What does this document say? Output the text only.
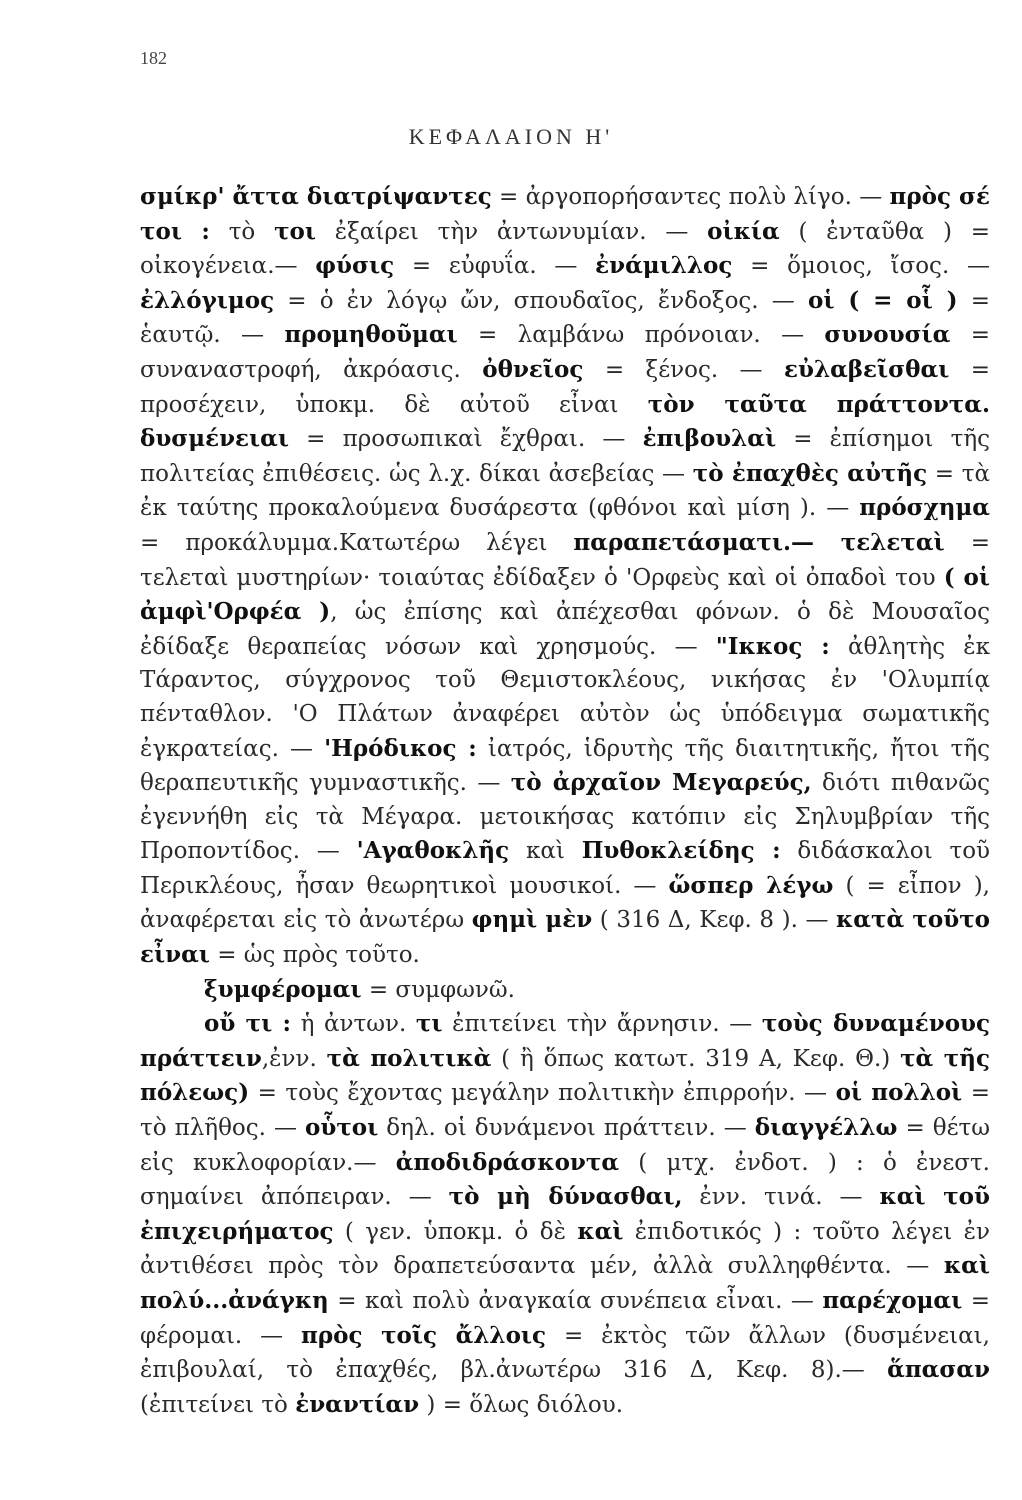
182
ΚΕΦΑΛΑΙΟΝ Η'

σμίκρ' ἄττα διατρίψαντες = ἀργοπορήσαντες πολὺ λίγο. — πρὸς σέ τοι : τὸ τοι ἐξαίρει τὴν ἀντωνυμίαν. — οἰκία ( ἐνταῦθα ) = οἰκογένεια.— φύσις = εὐφυΐα. — ἐνάμιλλος = ὅμοιος, ἴσος. — ἐλλόγιμος = ὁ ἐν λόγῳ ὤν, σπουδαῖος, ἔνδοξος. — οἱ ( = οἷ ) = ἑαυτῷ. — προμηθοῦμαι = λαμβάνω πρόνοιαν. — συνουσία = συναναστροφή, ἀκρόασις. ὀθνεῖος = ξένος. — εὐλαβεῖσθαι = προσέχειν, ὑποκμ. δὲ αὐτοῦ εἶναι τὸν ταῦτα πράττοντα. δυσμένειαι = προσωπικαὶ ἔχθραι. — ἐπιβουλαὶ = ἐπίσημοι τῆς πολιτείας ἐπιθέσεις. ὡς λ.χ. δίκαι ἀσεβείας — τὸ ἐπαχθὲς αὐτῆς = τὰ ἐκ ταύτης προκαλούμενα δυσάρεστα (φθόνοι καὶ μίση ). — πρόσχημα = προκάλυμμα.Κατωτέρω λέγει παραπετάσματι.— τελεταὶ = τελεταὶ μυστηρίων· τοιαύτας ἐδίδαξεν ὁ 'Ορφεὺς καὶ οἱ ὀπαδοὶ του ( οἱ ἀμφὶ'Ορφέα ), ὡς ἐπίσης καὶ ἀπέχεσθαι φόνων. ὁ δὲ Μουσαῖος ἐδίδαξε θεραπείας νόσων καὶ χρησμούς. — "Ικκος : ἀθλητὴς ἐκ Τάραντος, σύγχρονος τοῦ Θεμιστοκλέους, νικήσας ἐν 'Ολυμπίᾳ πένταθλον. 'Ο Πλάτων ἀναφέρει αὐτὸν ὡς ὑπόδειγμα σωματικῆς ἐγκρατείας. — 'Ηρόδικος : ἰατρός, ἱδρυτὴς τῆς διαιτητικῆς, ἤτοι τῆς θεραπευτικῆς γυμναστικῆς. — τὸ ἀρχαῖον Μεγαρεύς, διότι πιθανῶς ἐγεννήθη εἰς τὰ Μέγαρα. μετοικήσας κατόπιν εἰς Σηλυμβρίαν τῆς Προποντίδος. — 'Αγαθοκλῆς καὶ Πυθοκλείδης : διδάσκαλοι τοῦ Περικλέους, ἦσαν θεωρητικοὶ μουσικοί. — ὥσπερ λέγω ( = εἶπον ), ἀναφέρεται εἰς τὸ ἀνωτέρω φημὶ μὲν ( 316 Δ, Κεφ. 8 ). — κατὰ τοῦτο εἶναι = ὡς πρὸς τοῦτο.

ξυμφέρομαι = συμφωνῶ.

οὔ τι : ἡ ἀντων. τι ἐπιτείνει τὴν ἄρνησιν. — τοὺς δυναμένους πράττειν,ἐνν. τὰ πολιτικὰ ( ἢ ὅπως κατωτ. 319 Α, Κεφ. Θ.) τὰ τῆς πόλεως) = τοὺς ἔχοντας μεγάλην πολιτικὴν ἐπιρροήν. — οἱ πολλοὶ = τὸ πλῆθος. — οὗτοι δηλ. οἱ δυνάμενοι πράττειν. — διαγγέλλω = θέτω εἰς κυκλοφορίαν.— ἀποδιδράσκοντα ( μτχ. ἐνδοτ. ) : ὁ ἐνεστ. σημαίνει ἀπόπειραν. — τὸ μὴ δύνασθαι, ἐνν. τινά. — καὶ τοῦ ἐπιχειρήματος ( γεν. ὑποκμ. ὁ δὲ καὶ ἐπιδοτικός ) : τοῦτο λέγει ἐν ἀντιθέσει πρὸς τὸν δραπετεύσαντα μέν, ἀλλὰ συλληφθέντα. — καὶ πολύ...ἀνάγκη = καὶ πολὺ ἀναγκαία συνέπεια εἶναι. — παρέχομαι = φέρομαι. — πρὸς τοῖς ἄλλοις = ἐκτὸς τῶν ἄλλων (δυσμένειαι, ἐπιβουλαί, τὸ ἐπαχθές, βλ.ἀνωτέρω 316 Δ, Κεφ. 8).— ἅπασαν (ἐπιτείνει τὸ ἐναντίαν ) = ὅλως διόλου.
